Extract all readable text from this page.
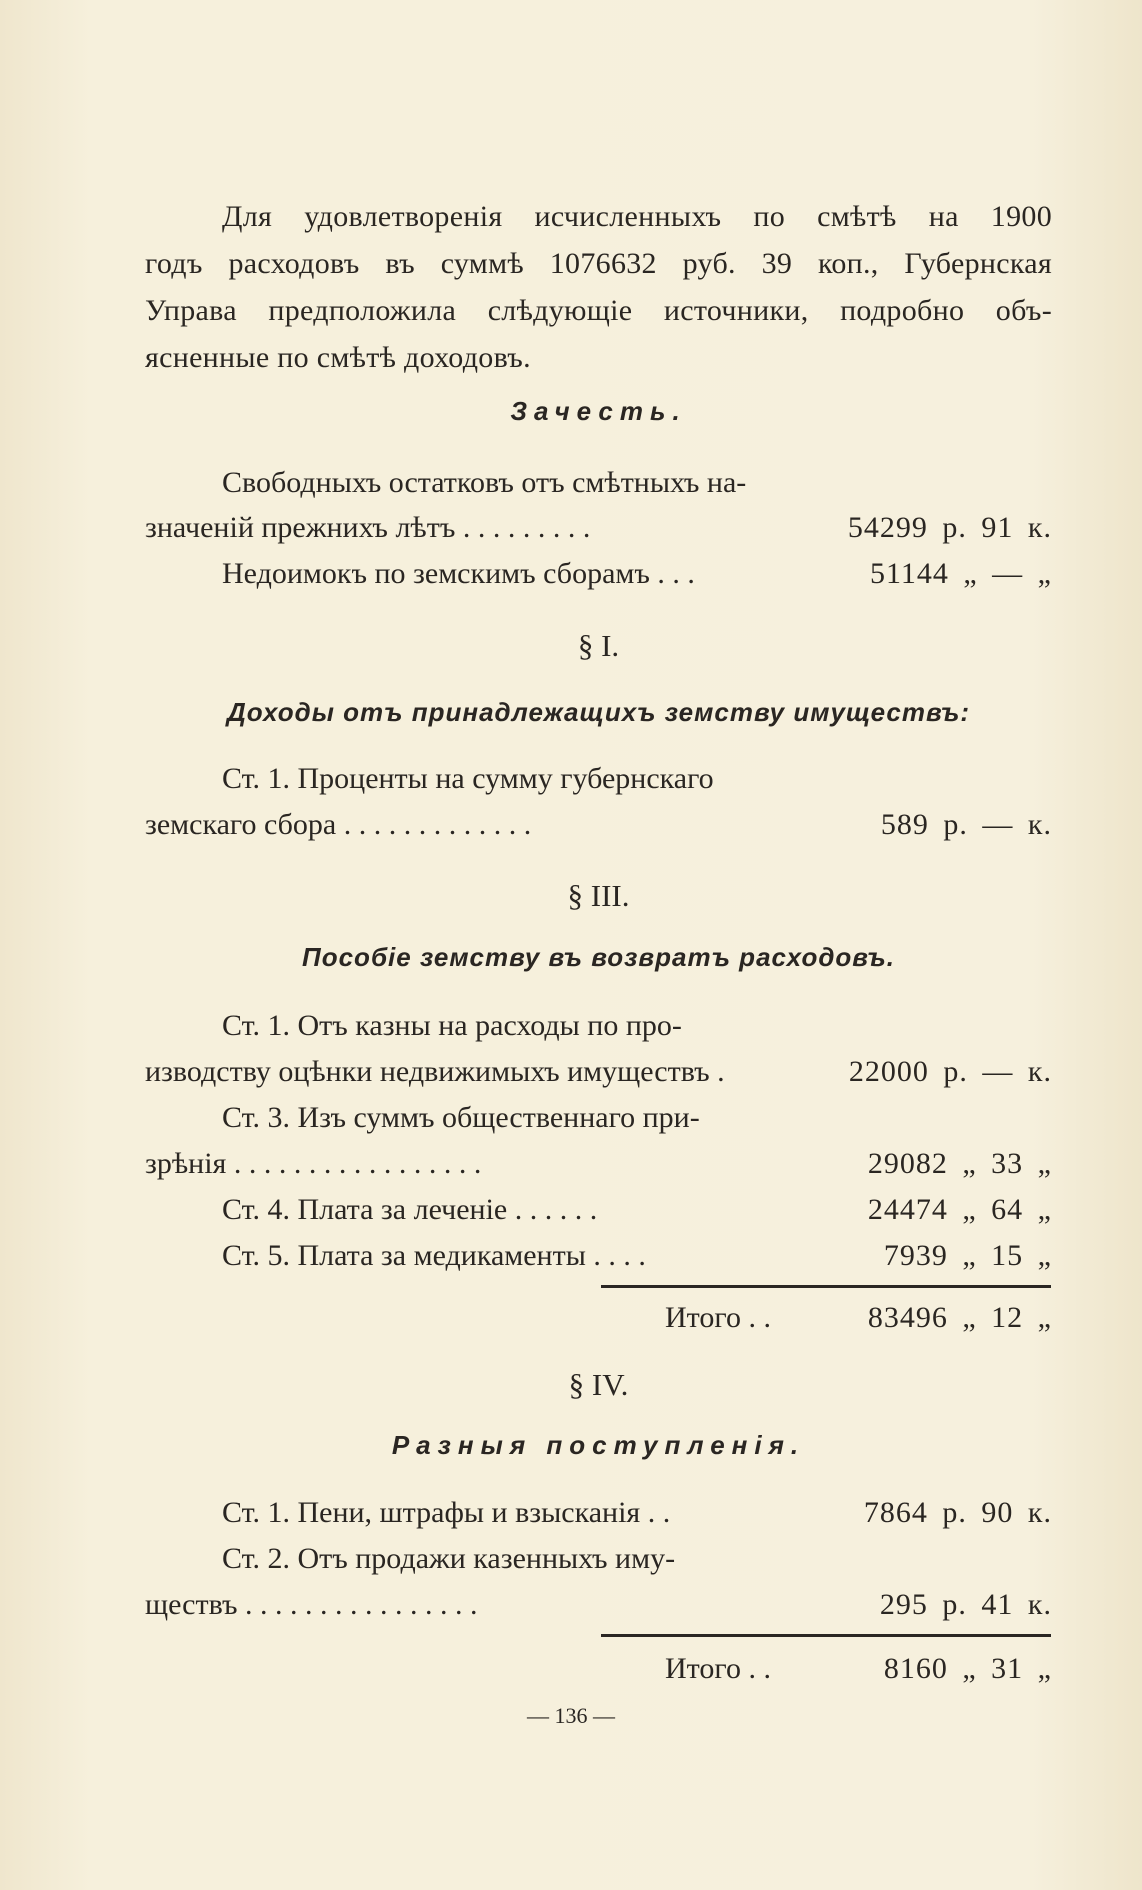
Для удовлетворенія исчисленныхъ по смѣтѣ на 1900
годъ расходовъ въ суммѣ 1076632 руб. 39 коп., Губернская
Управа предположила слѣдующіе источники, подробно объ-
ясненные по смѣтѣ доходовъ.
Зачесть.
Свободныхъ остатковъ отъ смѣтныхъ на-
значеній прежнихъ лѣтъ . . . . . . . . .	54299 р. 91 к.
Недоимокъ по земскимъ сборамъ . . .	51144 „ — „
§ I.
Доходы отъ принадлежащихъ земству имуществъ:
Ст. 1. Проценты на сумму губернскаго
земскаго сбора . . . . . . . . . . . . .	589 р. — к.
§ III.
Пособіе земству въ возвратъ расходовъ.
Ст. 1. Отъ казны на расходы по про-
изводству оцѣнки недвижимыхъ имуществъ .	22000 р. — к.
Ст. 3. Изъ суммъ общественнаго при-
зрѣнія . . . . . . . . . . . . . . . . .	29082 „ 33 „
Ст. 4. Плата за леченіе . . . . . .	24474 „ 64 „
Ст. 5. Плата за медикаменты . . . .	7939 „ 15 „
Итого . .	83496 „ 12 „
§ IV.
Разныя поступленія.
Ст. 1. Пени, штрафы и взысканія . .	7864 р. 90 к.
Ст. 2. Отъ продажи казенныхъ иму-
ществъ . . . . . . . . . . . . . . . .	295 р. 41 к.
Итого . .	8160 „ 31 „
— 136 —
